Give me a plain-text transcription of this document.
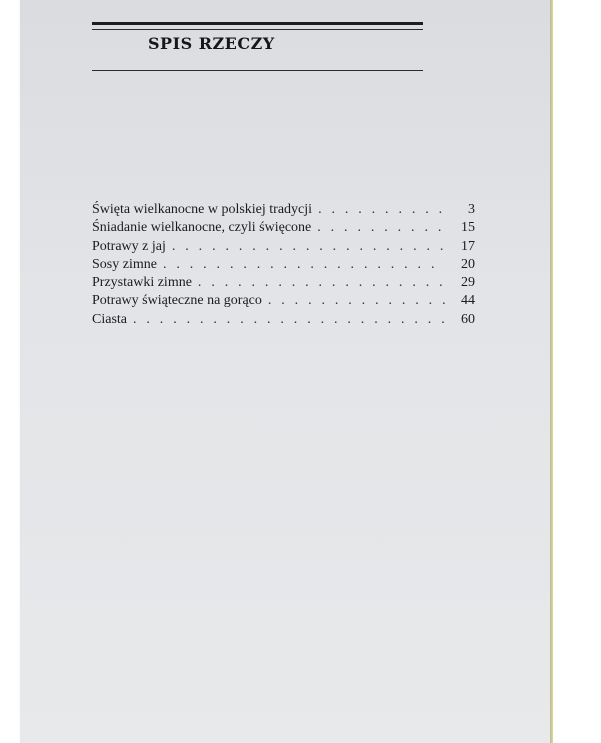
SPIS RZECZY
Święta wielkanocne w polskiej tradycji . . .	3
Śniadanie wielkanocne, czyli święcone . . .	15
Potrawy z jaj . . .	17
Sosy zimne . . .	20
Przystawki zimne . . .	29
Potrawy świąteczne na gorąco . . .	44
Ciasta . . .	60
